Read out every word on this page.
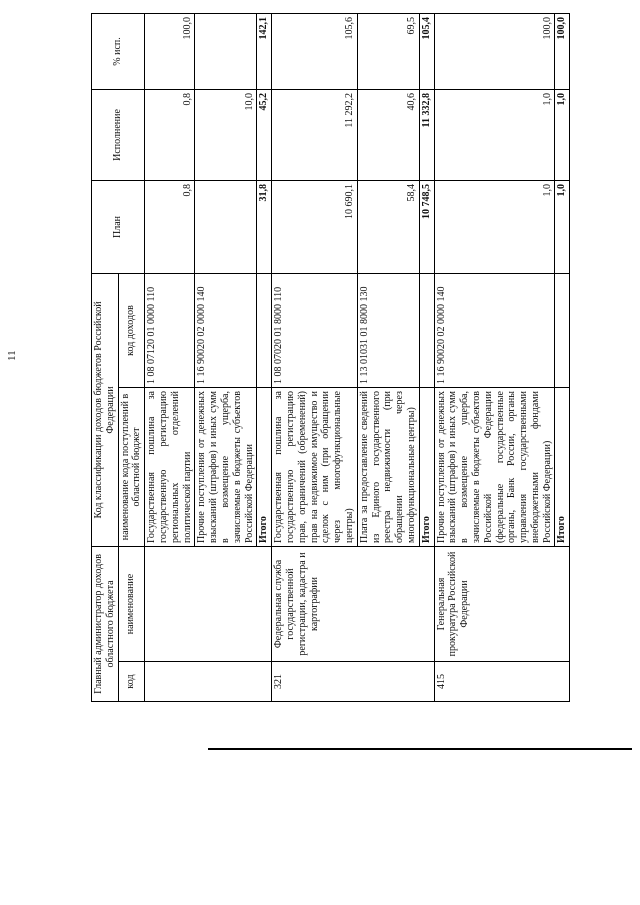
11
Главный администратор доходов областного бюджета		Код классификации доходов бюджетов Российской Федерации		План	Исполнение	% исп.
код	наименование	наименование кода поступлений в областной бюджет	код доходов			
		Государственная пошлина за государственную регистрацию региональных отделений политической партии	1 08 07120 01 0000 110	0,8	0,8	100,0
		Прочие поступления от денежных взысканий (штрафов) и иных сумм в возмещение ущерба, зачисляемые в бюджеты субъектов Российской Федерации	1 16 90020 02 0000 140		10,0	
		Итого		31,8	45,2	142,1
321	Федеральная служба государственной регистрации, кадастра и картографии	Государственная пошлина за государственную регистрацию прав, ограничений (обременений) прав на недвижимое имущество и сделок с ним (при обращении через многофункциональные центры)	1 08 07020 01 8000 110	10 690,1	11 292,2	105,6
		Плата за предоставление сведений из Единого государственного реестра недвижимости (при обращении через многофункциональные центры)	1 13 01031 01 8000 130	58,4	40,6	69,5
		Итого		10 748,5	11 332,8	105,4
415	Генеральная прокуратура Российской Федерации	Прочие поступления от денежных взысканий (штрафов) и иных сумм в возмещение ущерба, зачисляемые в бюджеты субъектов Российской Федерации (федеральные государственные органы, Банк России, органы управления государственными внебюджетными фондами Российской Федерации)	1 16 90020 02 0000 140	1,0	1,0	100,0
		Итого		1,0	1,0	100,0
